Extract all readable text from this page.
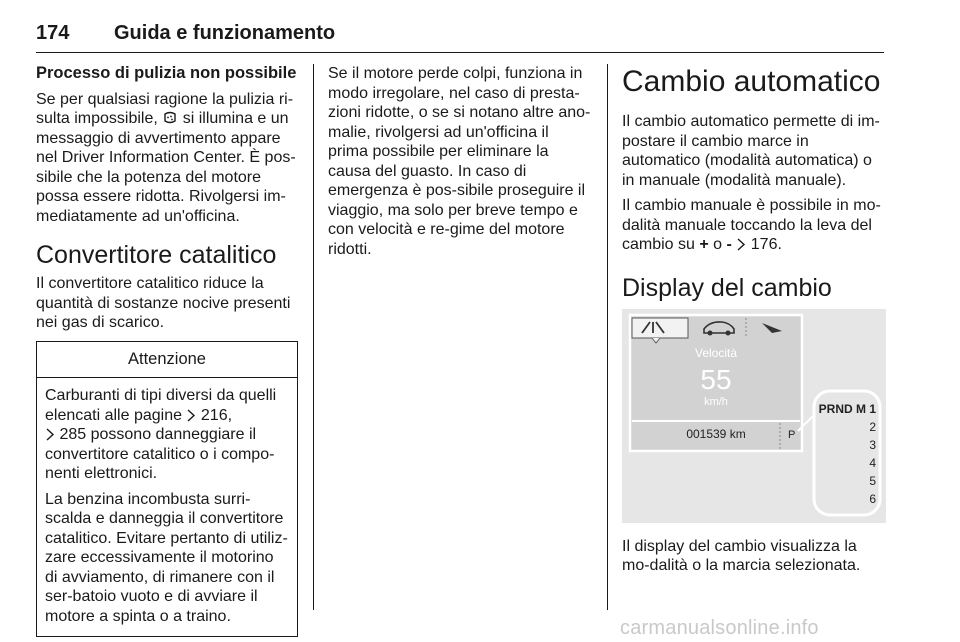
174 Guida e funzionamento
Processo di pulizia non possibile

Se per qualsiasi ragione la pulizia ri-sulta impossibile, si illumina e un messaggio di avvertimento appare nel Driver Information Center. È pos-sibile che la potenza del motore possa essere ridotta. Rivolgersi im-mediatamente ad un'officina.

Convertitore catalitico

Il convertitore catalitico riduce la quantità di sostanze nocive presenti nei gas di scarico.

Attenzione

Carburanti di tipi diversi da quelli elencati alle pagine 216,
285 possono danneggiare il convertitore catalitico o i compo-nenti elettronici.

La benzina incombusta surri-scalda e danneggia il convertitore catalitico. Evitare pertanto di utiliz-zare eccessivamente il motorino di avviamento, di rimanere con il ser-batoio vuoto e di avviare il motore a spinta o a traino.

Se il motore perde colpi, funziona in modo irregolare, nel caso di presta-zioni ridotte, o se si notano altre ano-malie, rivolgersi ad un'officina il prima possibile per eliminare la causa del guasto. In caso di emergenza è pos-sibile proseguire il viaggio, ma solo per breve tempo e con velocità e re-gime del motore ridotti.

Cambio automatico

Il cambio automatico permette di im-postare il cambio marce in automatico (modalità automatica) o in manuale (modalità manuale).

Il cambio manuale è possibile in mo-dalità manuale toccando la leva del cambio su + o - 176.

Display del cambio
Velocità
55
km/h
001539 km	P
PRND M 1
2
3
4
5
6

Il display del cambio visualizza la mo-dalità o la marcia selezionata.

carmanualsonline.info
